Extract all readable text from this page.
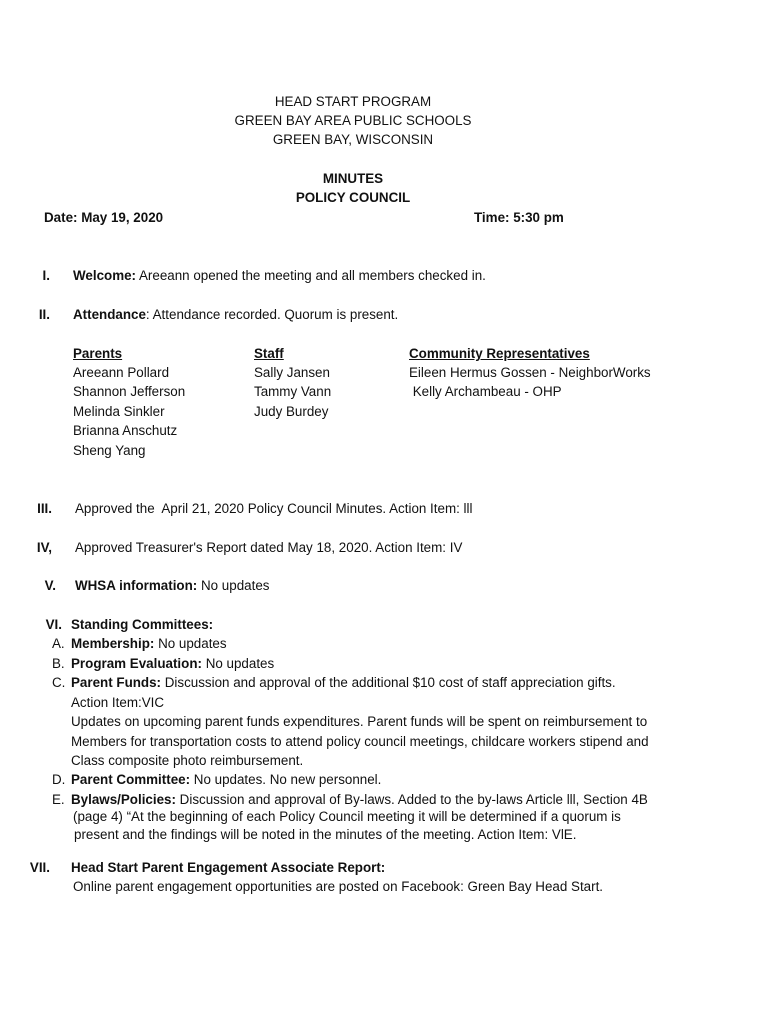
HEAD START PROGRAM
GREEN BAY AREA PUBLIC SCHOOLS
GREEN BAY, WISCONSIN
MINUTES
POLICY COUNCIL
Date: May 19, 2020	Time: 5:30 pm
I. Welcome: Areeann opened the meeting and all members checked in.
II. Attendance: Attendance recorded. Quorum is present.
Parents
Areeann Pollard
Shannon Jefferson
Melinda Sinkler
Brianna Anschutz
Sheng Yang
Staff
Sally Jansen
Tammy Vann
Judy Burdey
Community Representatives
Eileen Hermus Gossen - NeighborWorks
Kelly Archambeau - OHP
III. Approved the  April 21, 2020 Policy Council Minutes. Action Item: lll
IV, Approved Treasurer's Report dated May 18, 2020. Action Item: IV
V. WHSA information: No updates
VI. Standing Committees:
A. Membership: No updates
B. Program Evaluation: No updates
C. Parent Funds: Discussion and approval of the additional $10 cost of staff appreciation gifts.
Action Item:VIC
Updates on upcoming parent funds expenditures. Parent funds will be spent on reimbursement to
Members for transportation costs to attend policy council meetings, childcare workers stipend and
Class composite photo reimbursement.
D. Parent Committee: No updates. No new personnel.
E. Bylaws/Policies: Discussion and approval of By-laws. Added to the by-laws Article lll, Section 4B
(page 4) “At the beginning of each Policy Council meeting it will be determined if a quorum is
present and the findings will be noted in the minutes of the meeting. Action Item: VlE.
VII. Head Start Parent Engagement Associate Report:
Online parent engagement opportunities are posted on Facebook: Green Bay Head Start.
